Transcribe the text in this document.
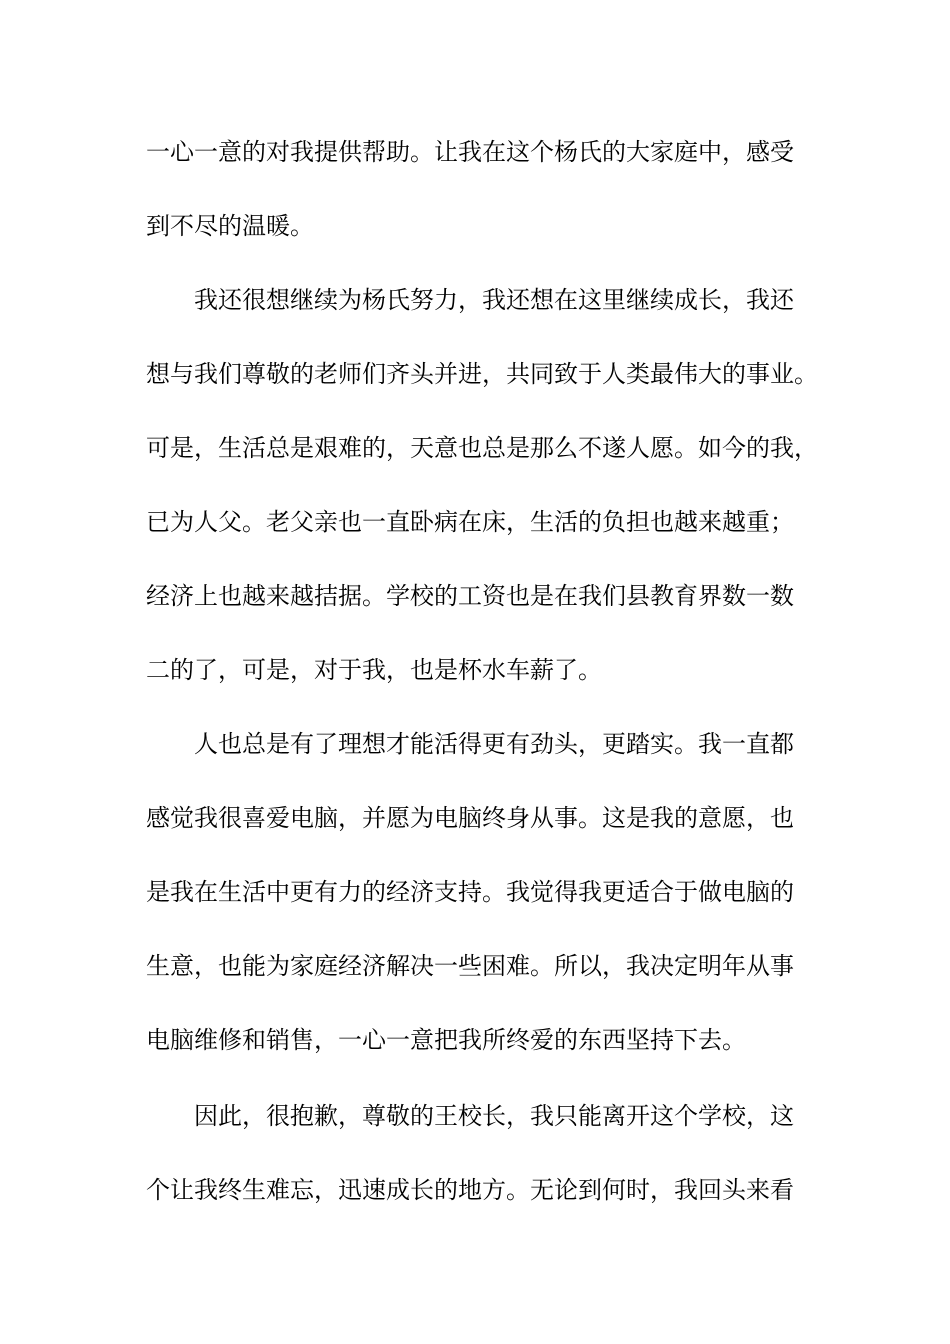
一心一意的对我提供帮助。让我在这个杨氏的大家庭中，感受
到不尽的温暖。
我还很想继续为杨氏努力，我还想在这里继续成长，我还
想与我们尊敬的老师们齐头并进，共同致于人类最伟大的事业。
可是，生活总是艰难的，天意也总是那么不遂人愿。如今的我，
已为人父。老父亲也一直卧病在床，生活的负担也越来越重；
经济上也越来越拮据。学校的工资也是在我们县教育界数一数
二的了，可是，对于我，也是杯水车薪了。
人也总是有了理想才能活得更有劲头，更踏实。我一直都
感觉我很喜爱电脑，并愿为电脑终身从事。这是我的意愿，也
是我在生活中更有力的经济支持。我觉得我更适合于做电脑的
生意，也能为家庭经济解决一些困难。所以，我决定明年从事
电脑维修和销售，一心一意把我所终爱的东西坚持下去。
因此，很抱歉，尊敬的王校长，我只能离开这个学校，这
个让我终生难忘，迅速成长的地方。无论到何时，我回头来看
